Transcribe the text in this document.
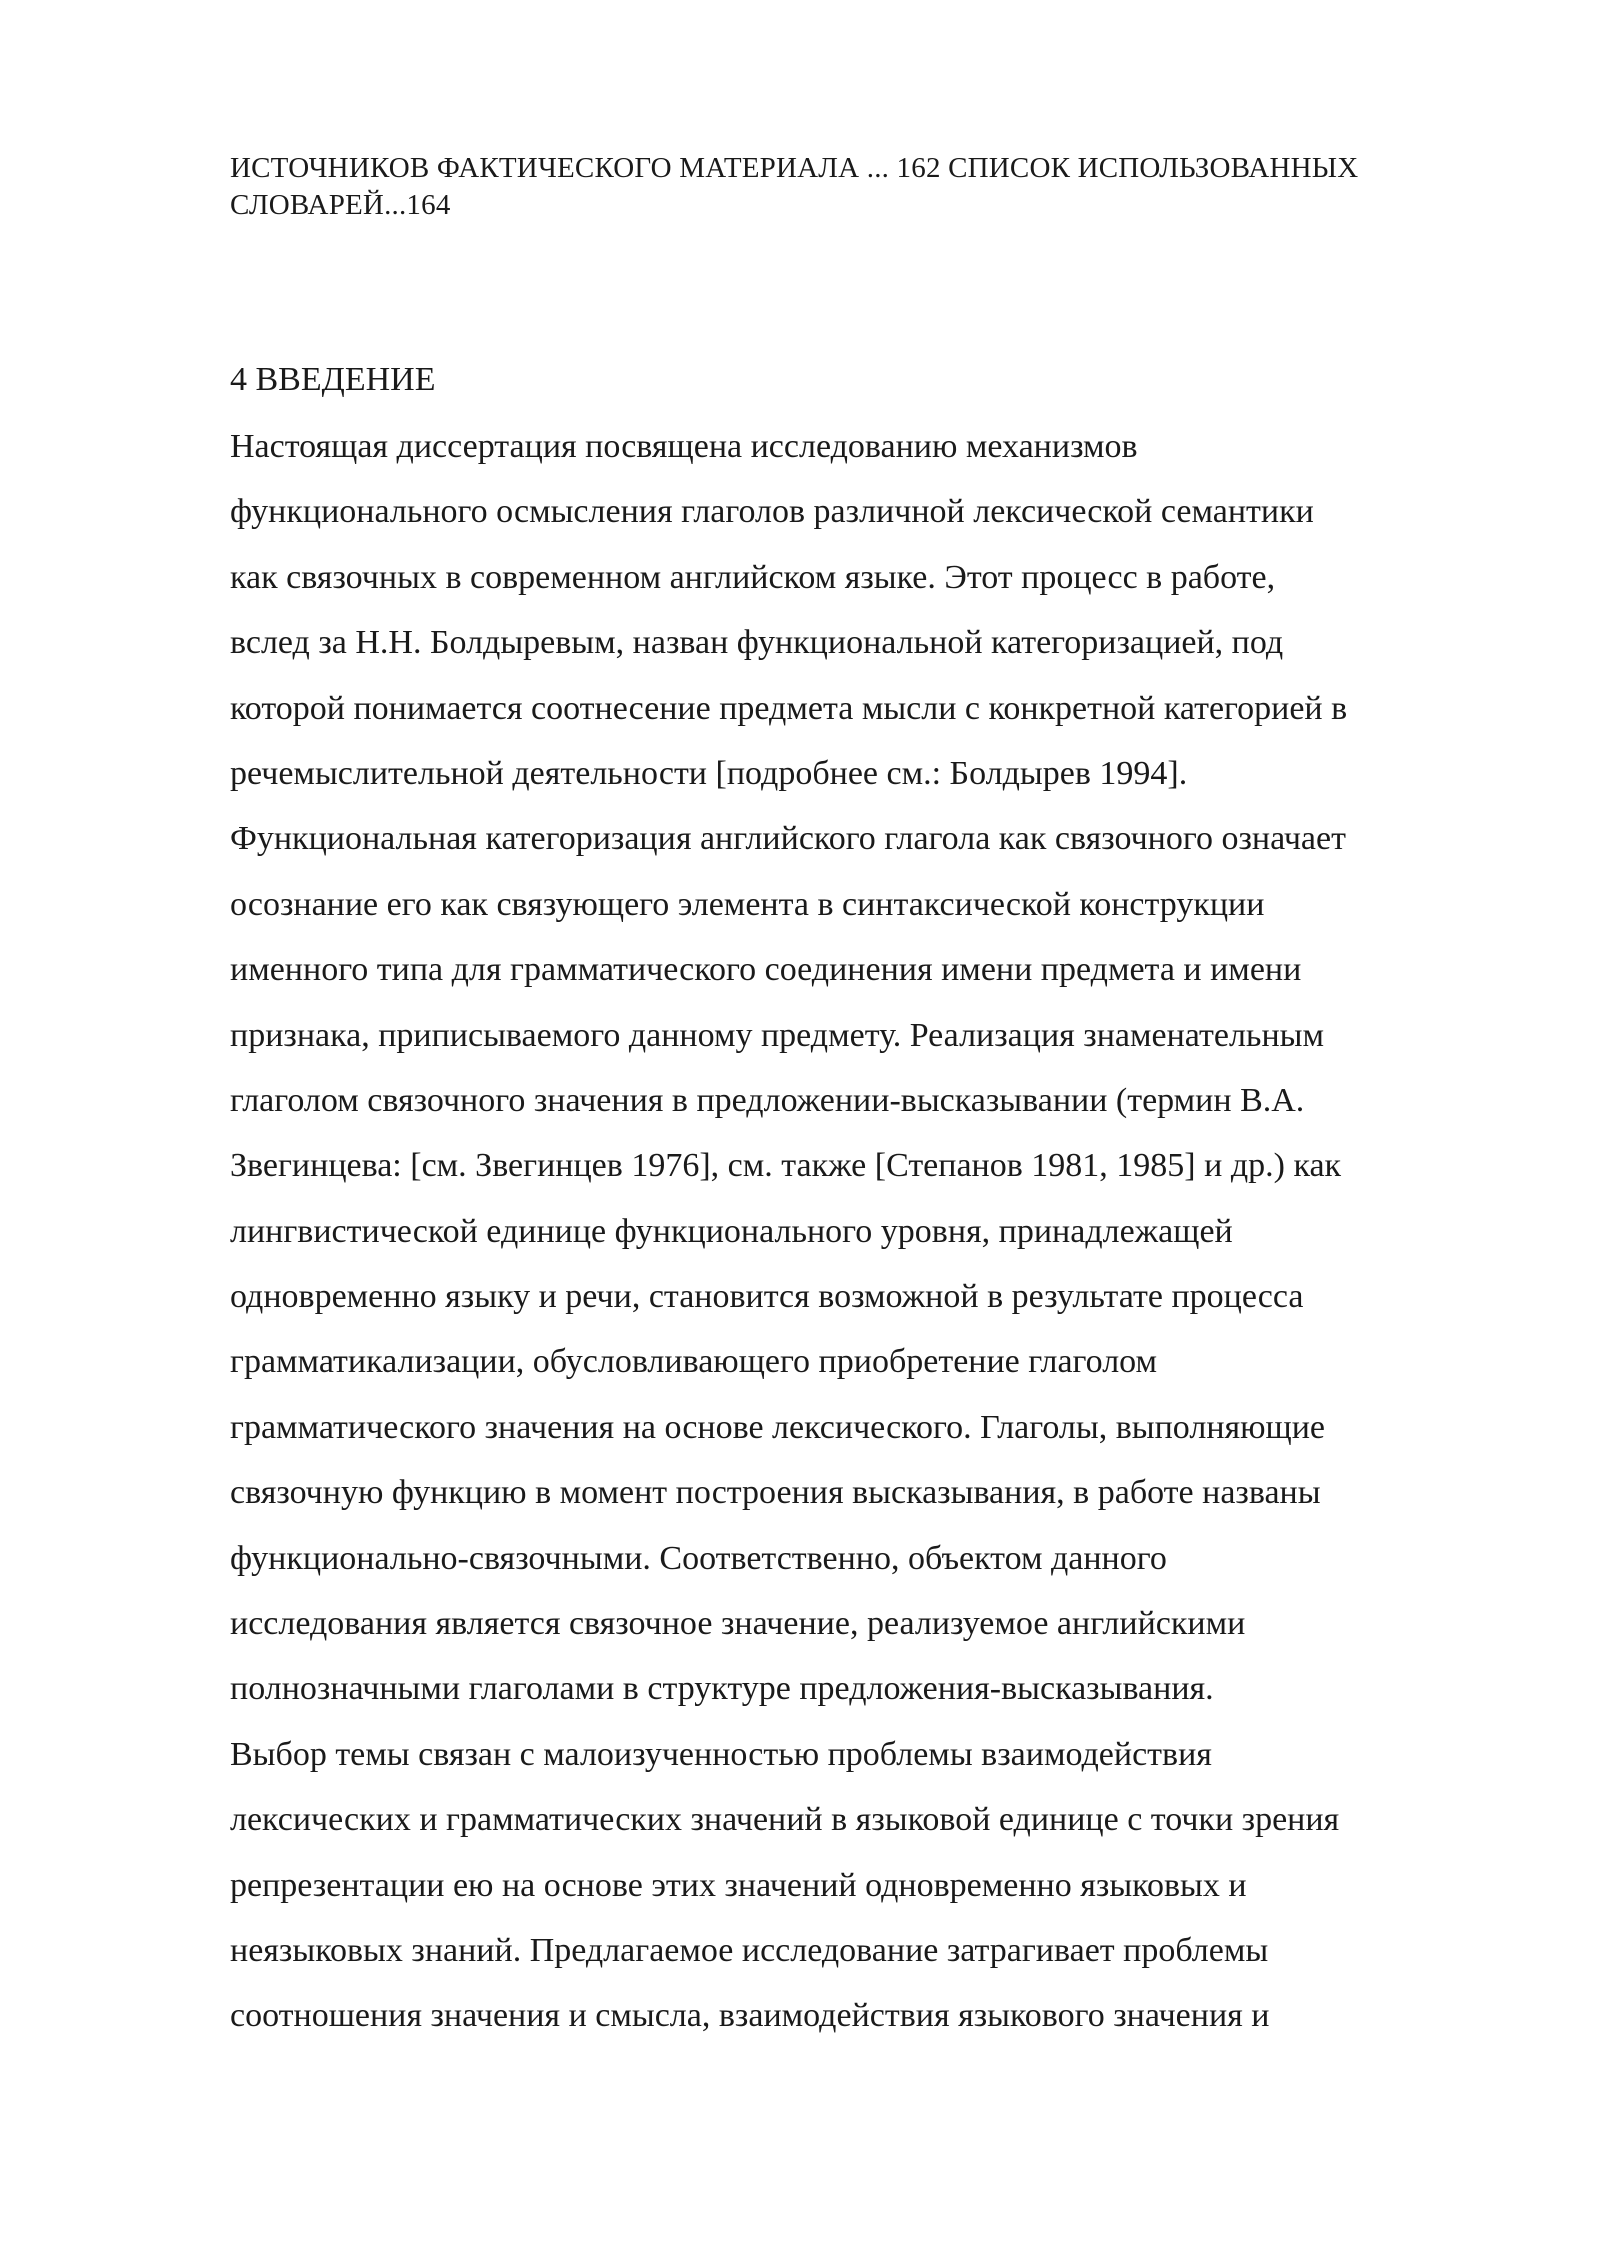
ИСТОЧНИКОВ ФАКТИЧЕСКОГО МАТЕРИАЛА ... 162 СПИСОК ИСПОЛЬЗОВАННЫХ
СЛОВАРЕЙ...164
4 ВВЕДЕНИЕ
Настоящая диссертация посвящена исследованию механизмов
функционального осмысления глаголов различной лексической семантики
как связочных в современном английском языке. Этот процесс в работе,
вслед за Н.Н. Болдыревым, назван функциональной категоризацией, под
которой понимается соотнесение предмета мысли с конкретной категорией в
речемыслительной деятельности [подробнее см.: Болдырев 1994].
Функциональная категоризация английского глагола как связочного означает
осознание его как связующего элемента в синтаксической конструкции
именного типа для грамматического соединения имени предмета и имени
признака, приписываемого данному предмету. Реализация знаменательным
глаголом связочного значения в предложении-высказывании (термин В.А.
Звегинцева: [см. Звегинцев 1976], см. также [Степанов 1981, 1985] и др.) как
лингвистической единице функционального уровня, принадлежащей
одновременно языку и речи, становится возможной в результате процесса
грамматикализации, обусловливающего приобретение глаголом
грамматического значения на основе лексического. Глаголы, выполняющие
связочную функцию в момент построения высказывания, в работе названы
функционально-связочными. Соответственно, объектом данного
исследования является связочное значение, реализуемое английскими
полнозначными глаголами в структуре предложения-высказывания.
Выбор темы связан с малоизученностью проблемы взаимодействия
лексических и грамматических значений в языковой единице с точки зрения
репрезентации ею на основе этих значений одновременно языковых и
неязыковых знаний. Предлагаемое исследование затрагивает проблемы
соотношения значения и смысла, взаимодействия языкового значения и
